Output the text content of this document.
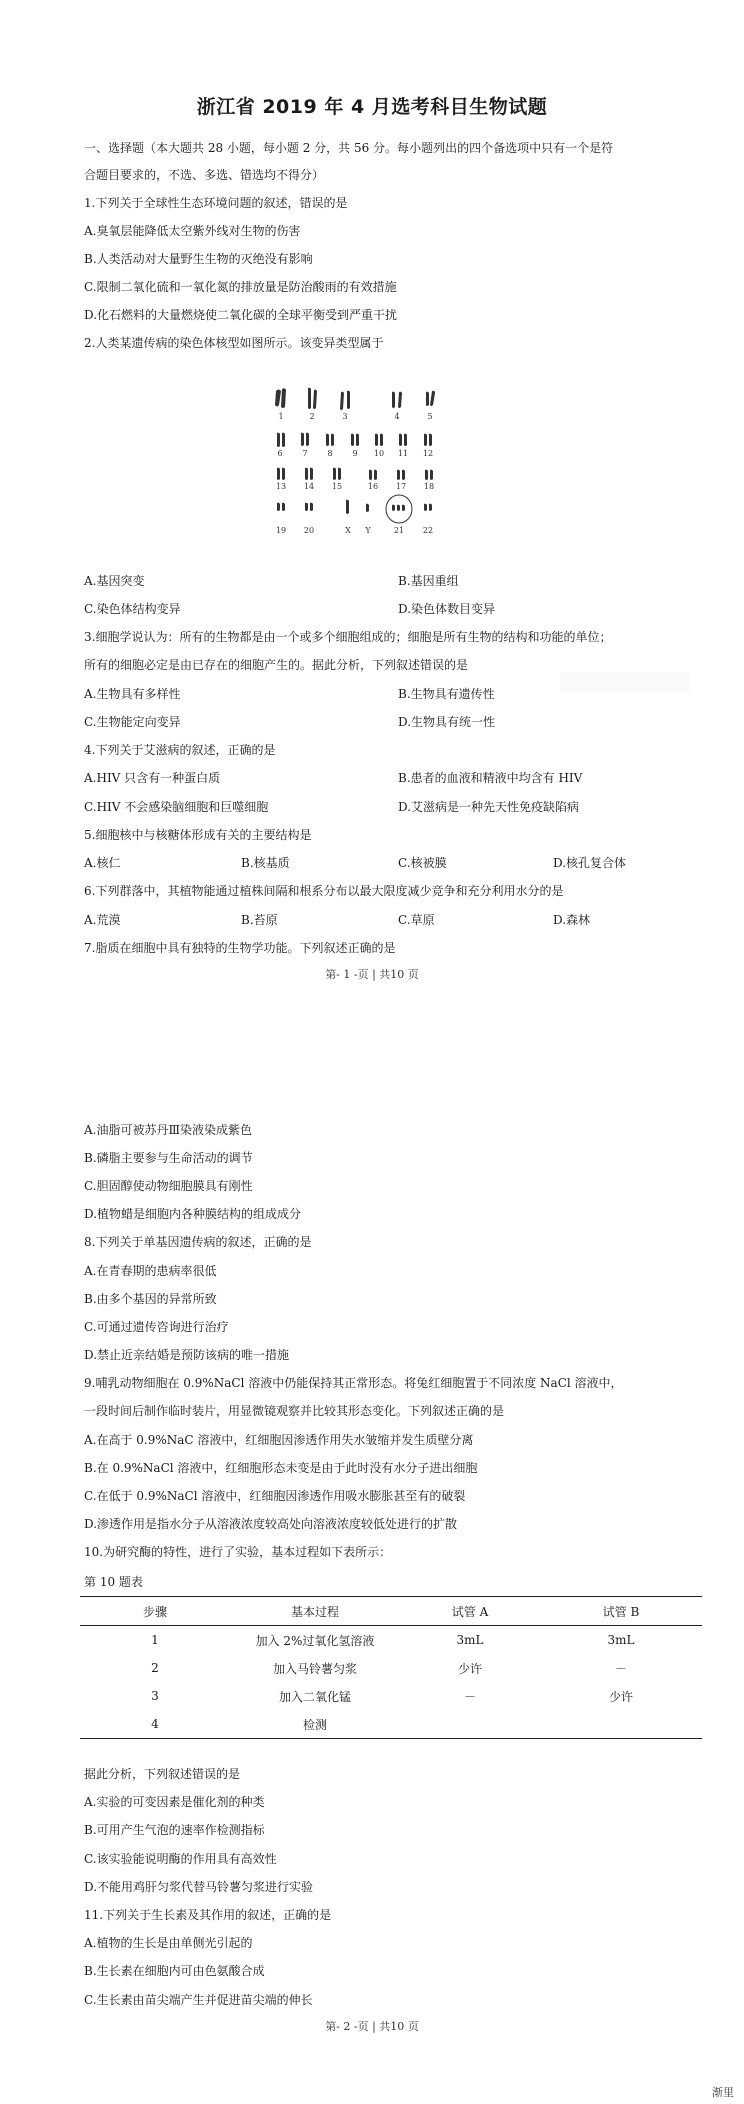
浙江省 2019 年 4 月选考科目生物试题
一、选择题（本大题共 28 小题，每小题 2 分，共 56 分。每小题列出的四个备选项中只有一个是符
合题目要求的，不选、多选、错选均不得分）
1.下列关于全球性生态环境问题的叙述，错误的是
A.臭氧层能降低太空紫外线对生物的伤害
B.人类活动对大量野生生物的灭绝没有影响
C.限制二氧化硫和一氧化氮的排放量是防治酸雨的有效措施
D.化石燃料的大量燃烧使二氧化碳的全球平衡受到严重干扰
2.人类某遗传病的染色体核型如图所示。该变异类型属于
1	2	3	4	5
6 7 8 9 10 11 12
13 14 15	16 17 18
19 20	X Y	21 22
A.基因突变	B.基因重组
C.染色体结构变异	D.染色体数目变异
3.细胞学说认为：所有的生物都是由一个或多个细胞组成的；细胞是所有生物的结构和功能的单位；
所有的细胞必定是由已存在的细胞产生的。据此分析，下列叙述错误的是
A.生物具有多样性	B.生物具有遗传性
C.生物能定向变异	D.生物具有统一性
4.下列关于艾滋病的叙述，正确的是
A.HIV 只含有一种蛋白质	B.患者的血液和精液中均含有 HIV
C.HIV 不会感染脑细胞和巨噬细胞	D.艾滋病是一种先天性免疫缺陷病
5.细胞核中与核糖体形成有关的主要结构是
A.核仁	B.核基质	C.核被膜	D.核孔复合体
6.下列群落中，其植物能通过植株间隔和根系分布以最大限度减少竞争和充分利用水分的是
A.荒漠	B.苔原	C.草原	D.森林
7.脂质在细胞中具有独特的生物学功能。下列叙述正确的是
第- 1 -页 | 共10 页
A.油脂可被苏丹Ⅲ染液染成紫色
B.磷脂主要参与生命活动的调节
C.胆固醇使动物细胞膜具有刚性
D.植物蜡是细胞内各种膜结构的组成成分
8.下列关于单基因遗传病的叙述，正确的是
A.在青春期的患病率很低
B.由多个基因的异常所致
C.可通过遗传咨询进行治疗
D.禁止近亲结婚是预防该病的唯一措施
9.哺乳动物细胞在 0.9%NaCl 溶液中仍能保持其正常形态。将兔红细胞置于不同浓度 NaCl 溶液中，
一段时间后制作临时装片，用显微镜观察并比较其形态变化。下列叙述正确的是
A.在高于 0.9%NaC 溶液中，红细胞因渗透作用失水皱缩并发生质壁分离
B.在 0.9%NaCl 溶液中，红细胞形态未变是由于此时没有水分子进出细胞
C.在低于 0.9%NaCl 溶液中，红细胞因渗透作用吸水膨胀甚至有的破裂
D.渗透作用是指水分子从溶液浓度较高处向溶液浓度较低处进行的扩散
10.为研究酶的特性，进行了实验，基本过程如下表所示：
第 10 题表
步骤	基本过程	试管 A	试管 B
1	加入 2%过氧化氢溶液	3mL	3mL
2	加入马铃薯匀浆	少许	－
3	加入二氧化锰	－	少许
4	检测		
据此分析，下列叙述错误的是
A.实验的可变因素是催化剂的种类
B.可用产生气泡的速率作检测指标
C.该实验能说明酶的作用具有高效性
D.不能用鸡肝匀浆代替马铃薯匀浆进行实验
11.下列关于生长素及其作用的叙述，正确的是
A.植物的生长是由单侧光引起的
B.生长素在细胞内可由色氨酸合成
C.生长素由苗尖端产生并促进苗尖端的伸长
第- 2 -页 | 共10 页
渐里
